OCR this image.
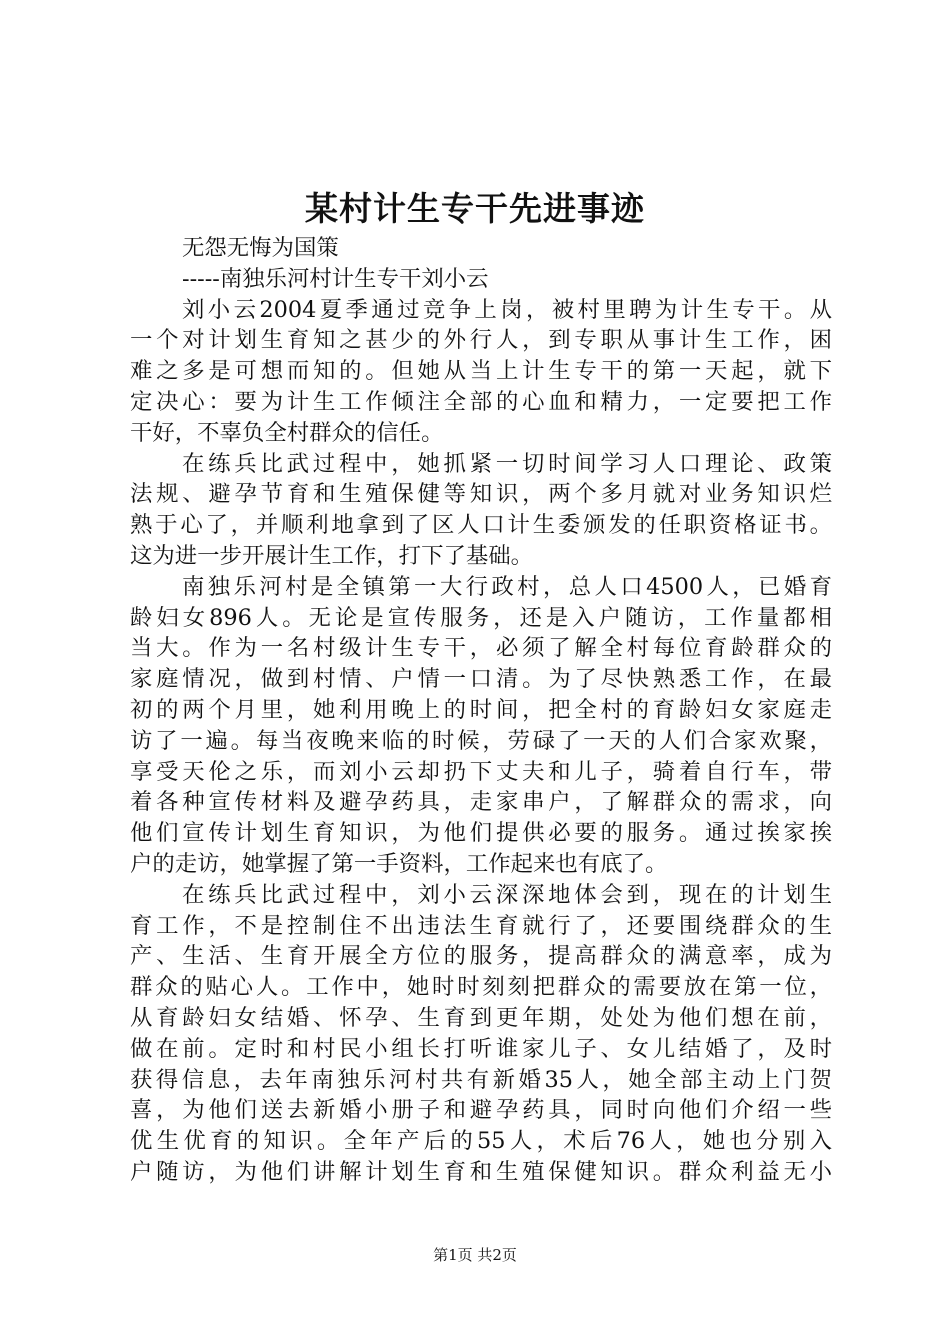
某村计生专干先进事迹
无怨无悔为国策
-----南独乐河村计生专干刘小云
刘小云2004夏季通过竞争上岗，被村里聘为计生专干。从
一个对计划生育知之甚少的外行人，到专职从事计生工作，困
难之多是可想而知的。但她从当上计生专干的第一天起，就下
定决心：要为计生工作倾注全部的心血和精力，一定要把工作
干好，不辜负全村群众的信任。
在练兵比武过程中，她抓紧一切时间学习人口理论、政策
法规、避孕节育和生殖保健等知识，两个多月就对业务知识烂
熟于心了，并顺利地拿到了区人口计生委颁发的任职资格证书。
这为进一步开展计生工作，打下了基础。
南独乐河村是全镇第一大行政村，总人口4500人，已婚育
龄妇女896人。无论是宣传服务，还是入户随访，工作量都相
当大。作为一名村级计生专干，必须了解全村每位育龄群众的
家庭情况，做到村情、户情一口清。为了尽快熟悉工作，在最
初的两个月里，她利用晚上的时间，把全村的育龄妇女家庭走
访了一遍。每当夜晚来临的时候，劳碌了一天的人们合家欢聚，
享受天伦之乐，而刘小云却扔下丈夫和儿子，骑着自行车，带
着各种宣传材料及避孕药具，走家串户，了解群众的需求，向
他们宣传计划生育知识，为他们提供必要的服务。通过挨家挨
户的走访，她掌握了第一手资料，工作起来也有底了。
在练兵比武过程中，刘小云深深地体会到，现在的计划生
育工作，不是控制住不出违法生育就行了，还要围绕群众的生
产、生活、生育开展全方位的服务，提高群众的满意率，成为
群众的贴心人。工作中，她时时刻刻把群众的需要放在第一位，
从育龄妇女结婚、怀孕、生育到更年期，处处为他们想在前，
做在前。定时和村民小组长打听谁家儿子、女儿结婚了，及时
获得信息，去年南独乐河村共有新婚35人，她全部主动上门贺
喜，为他们送去新婚小册子和避孕药具，同时向他们介绍一些
优生优育的知识。全年产后的55人，术后76人，她也分别入
户随访，为他们讲解计划生育和生殖保健知识。群众利益无小
第1页 共2页
